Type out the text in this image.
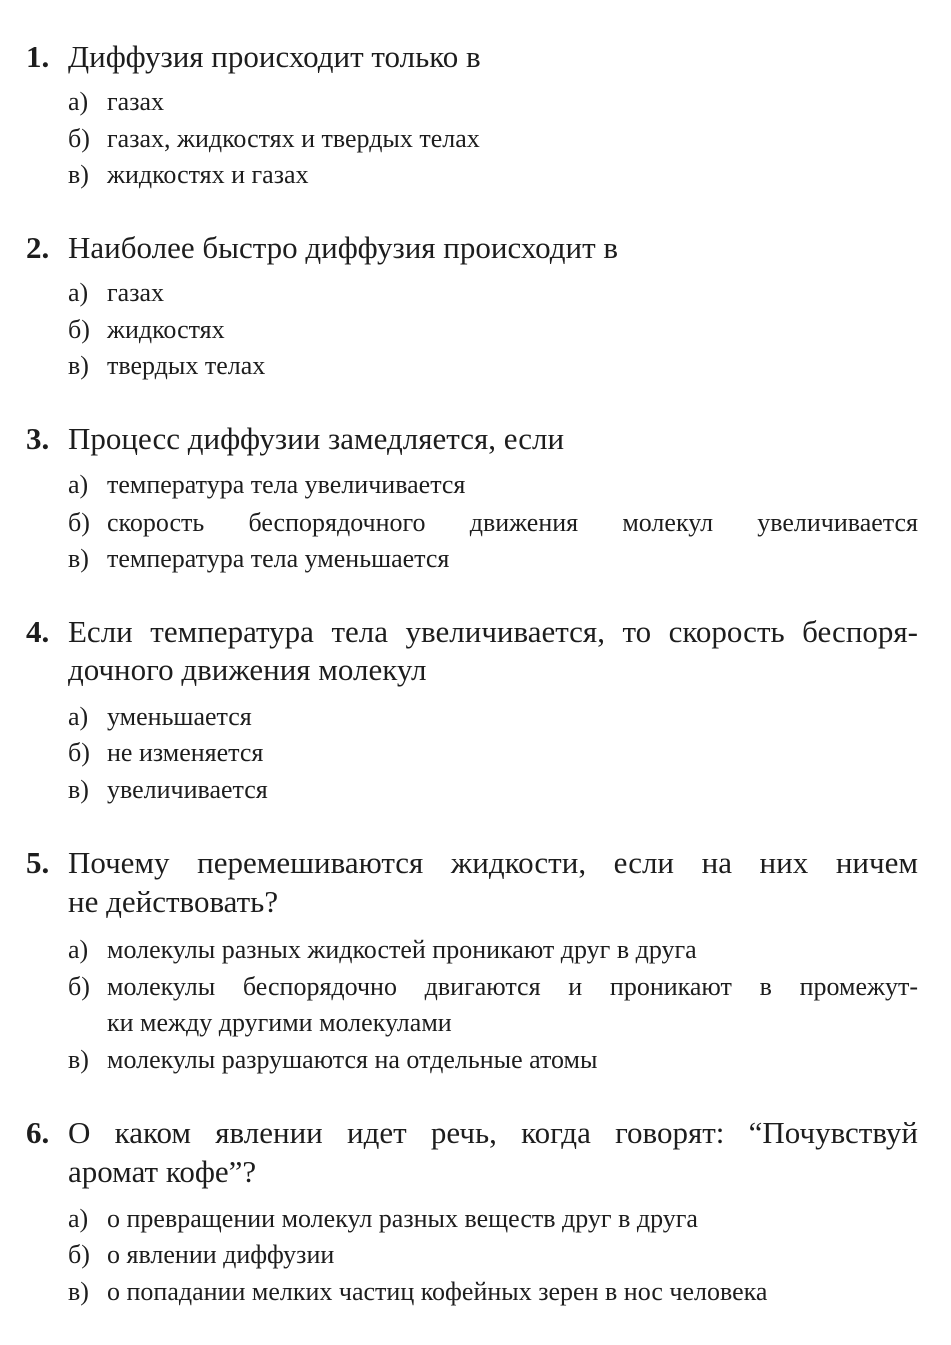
1. Диффузия происходит только в
а) газах
б) газах, жидкостях и твердых телах
в) жидкостях и газах
2. Наиболее быстро диффузия происходит в
а) газах
б) жидкостях
в) твердых телах
3. Процесс диффузии замедляется, если
а) температура тела увеличивается
б) скорость беспорядочного движения молекул увеличивается
в) температура тела уменьшается
4. Если температура тела увеличивается, то скорость беспоря-
дочного движения молекул
а) уменьшается
б) не изменяется
в) увеличивается
5. Почему перемешиваются жидкости, если на них ничем
не действовать?
а) молекулы разных жидкостей проникают друг в друга
б) молекулы беспорядочно двигаются и проникают в промежут-
ки между другими молекулами
в) молекулы разрушаются на отдельные атомы
6. О каком явлении идет речь, когда говорят: “Почувствуй
аромат кофе”?
а) о превращении молекул разных веществ друг в друга
б) о явлении диффузии
в) о попадании мелких частиц кофейных зерен в нос человека
